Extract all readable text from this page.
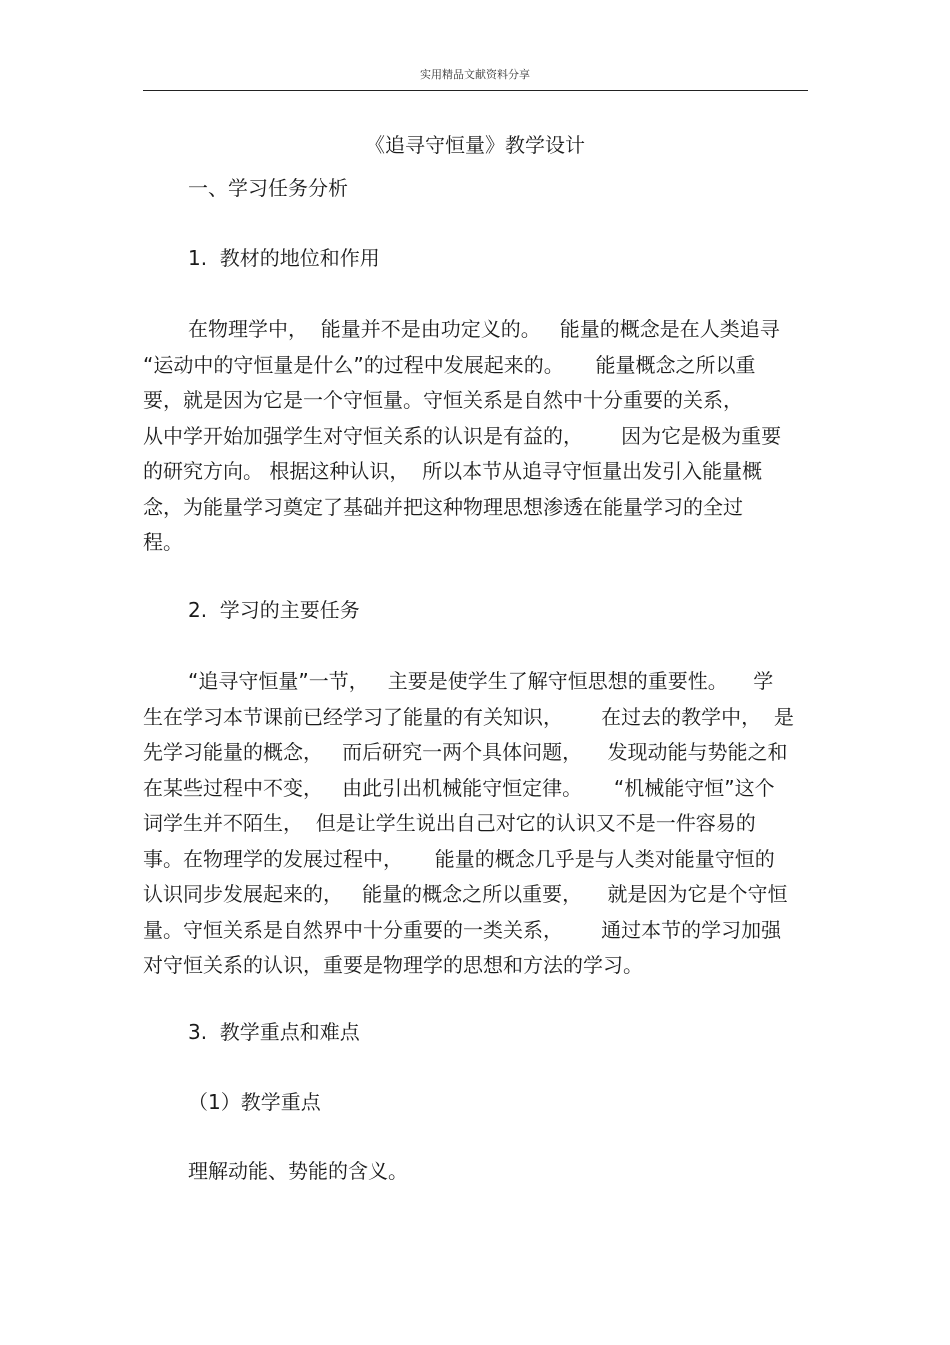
实用精品文献资料分享
《追寻守恒量》教学设计
一、学习任务分析
1.  教材的地位和作用
在物理学中，  能量并不是由功定义的。   能量的概念是在人类追寻
“运动中的守恒量是什么”的过程中发展起来的。     能量概念之所以重
要，就是因为它是一个守恒量。守恒关系是自然中十分重要的关系，
从中学开始加强学生对守恒关系的认识是有益的，      因为它是极为重要
的研究方向。 根据这种认识，  所以本节从追寻守恒量出发引入能量概
念，为能量学习奠定了基础并把这种物理思想渗透在能量学习的全过
程。
2.  学习的主要任务
“追寻守恒量”一节，   主要是使学生了解守恒思想的重要性。    学
生在学习本节课前已经学习了能量的有关知识，      在过去的教学中，  是
先学习能量的概念，   而后研究一两个具体问题，    发现动能与势能之和
在某些过程中不变，   由此引出机械能守恒定律。     “机械能守恒”这个
词学生并不陌生，  但是让学生说出自己对它的认识又不是一件容易的
事。在物理学的发展过程中，     能量的概念几乎是与人类对能量守恒的
认识同步发展起来的，   能量的概念之所以重要，    就是因为它是个守恒
量。守恒关系是自然界中十分重要的一类关系，      通过本节的学习加强
对守恒关系的认识，重要是物理学的思想和方法的学习。
3.  教学重点和难点
（1）教学重点
理解动能、势能的含义。
